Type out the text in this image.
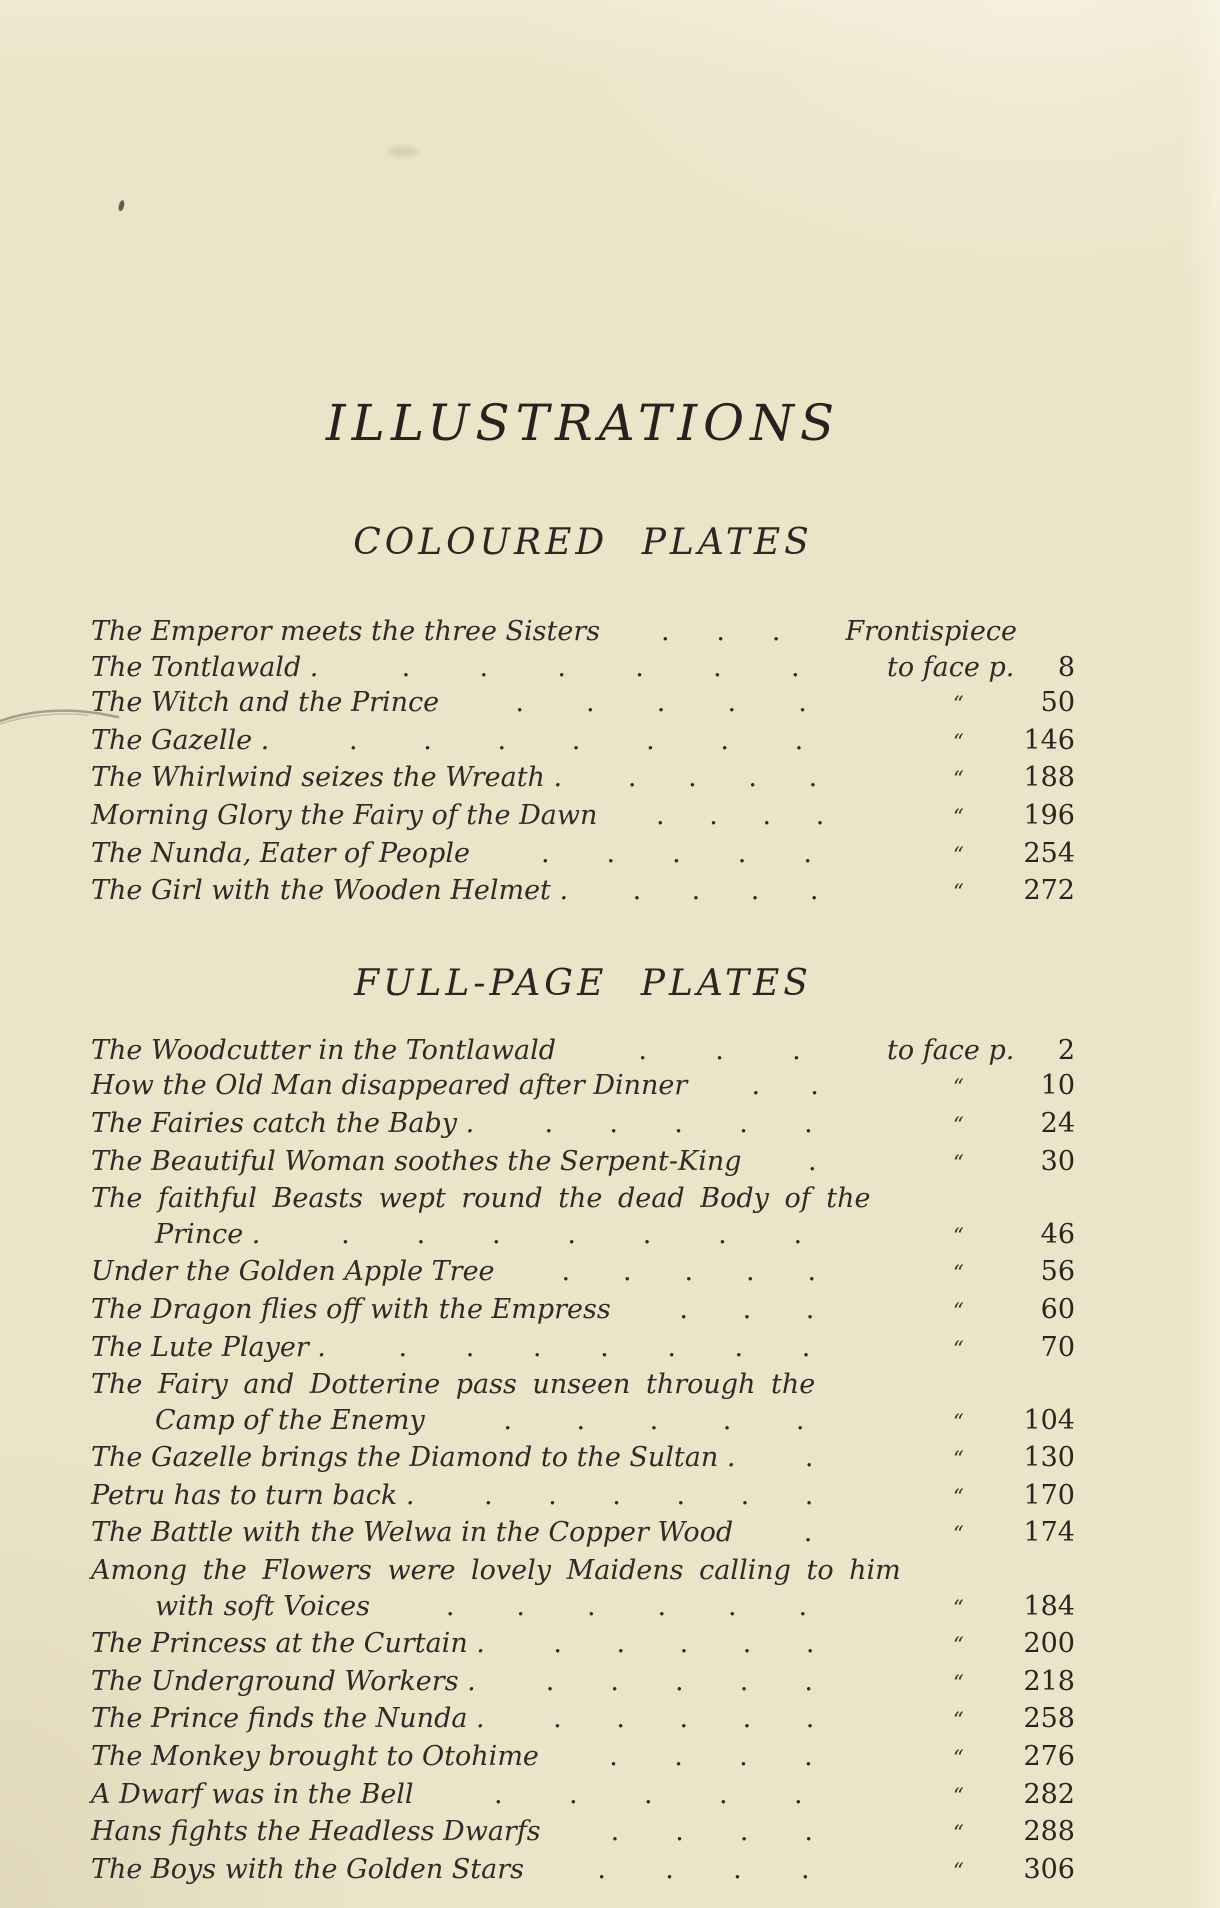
ILLUSTRATIONS
COLOURED PLATES
The Emperor meets the three Sisters . . . Frontispiece
The Tontlawald .	.	.	.	.	.	.	to face p.	8
The Witch and the Prince	. . . . .	“	50
The Gazelle .	. . . . . . .	“	146
The Whirlwind seizes the Wreath . . . . .	“	188
Morning Glory the Fairy of the Dawn . . . .	“	196
The Nunda, Eater of People	. . . . .	“	254
The Girl with the Wooden Helmet . . . . .	“	272
FULL-PAGE PLATES
The Woodcutter in the Tontlawald	.	.	.	to face p.	2
How the Old Man disappeared after Dinner . .	“	10
The Fairies catch the Baby .	. . . . .	“	24
The Beautiful Woman soothes the Serpent-King .	“	30
The faithful Beasts wept round the dead Body of the
Prince .	. . . . . . .	“	46
Under the Golden Apple Tree . . . . .	“	56
The Dragon flies off with the Empress	. . .	“	60
The Lute Player .	. . . . . . .	“	70
The Fairy and Dotterine pass unseen through the
Camp of the Enemy	. . . . .	“	104
The Gazelle brings the Diamond to the Sultan .	.	“	130
Petru has to turn back .	. . . . . .	“	170
The Battle with the Welwa in the Copper Wood	.	“	174
Among the Flowers were lovely Maidens calling to him
with soft Voices	. . . . . .	“	184
The Princess at the Curtain .	. . . . .	“	200
The Underground Workers .	. . . . .	“	218
The Prince finds the Nunda .	. . . . .	“	258
The Monkey brought to Otohime	. . . .	“	276
A Dwarf was in the Bell	. . . . .	“	282
Hans fights the Headless Dwarfs	. . . .	“	288
The Boys with the Golden Stars	. . . .	“	306
